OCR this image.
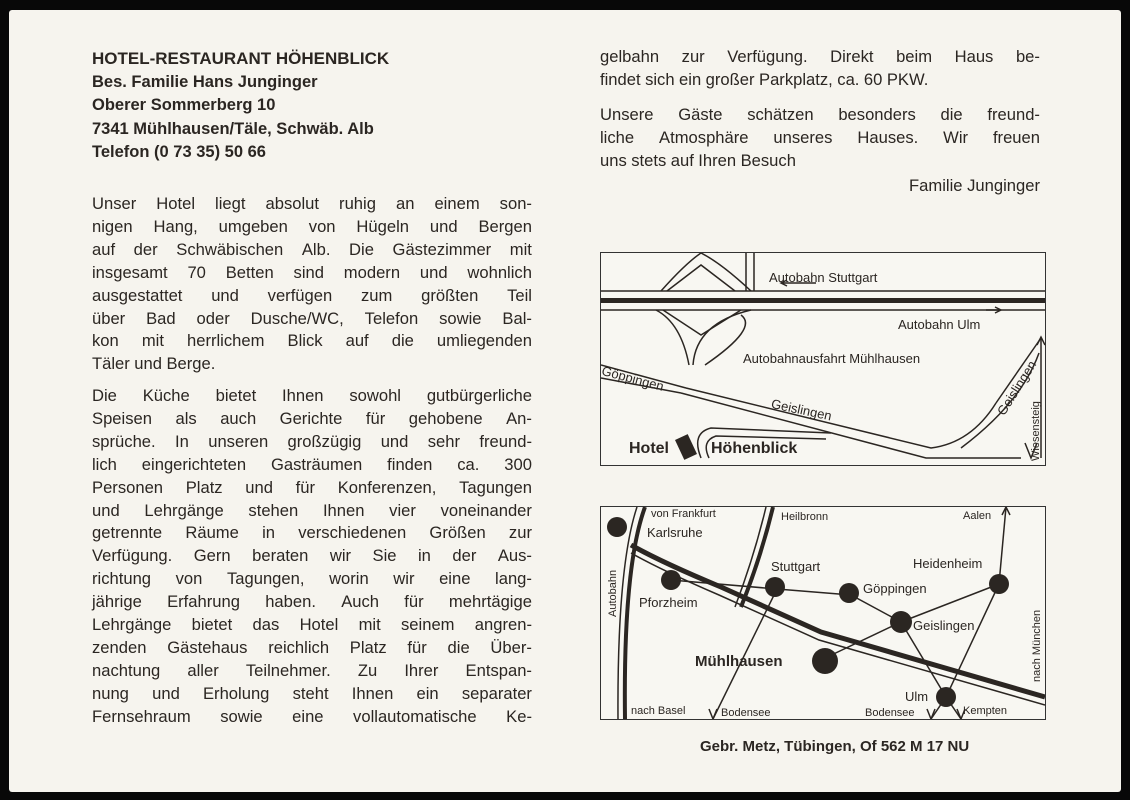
HOTEL-RESTAURANT HÖHENBLICK
Bes. Familie Hans Junginger
Oberer Sommerberg 10
7341 Mühlhausen/Täle, Schwäb. Alb
Telefon (0 73 35) 50 66
Unser Hotel liegt absolut ruhig an einem son-
nigen Hang, umgeben von Hügeln und Bergen
auf der Schwäbischen Alb. Die Gästezimmer mit
insgesamt 70 Betten sind modern und wohnlich
ausgestattet und verfügen zum größten Teil
über Bad oder Dusche/WC, Telefon sowie Bal-
kon mit herrlichem Blick auf die umliegenden
Täler und Berge.
Die Küche bietet Ihnen sowohl gutbürgerliche
Speisen als auch Gerichte für gehobene An-
sprüche. In unseren großzügig und sehr freund-
lich eingerichteten Gasträumen finden ca. 300
Personen Platz und für Konferenzen, Tagungen
und Lehrgänge stehen Ihnen vier voneinander
getrennte Räume in verschiedenen Größen zur
Verfügung. Gern beraten wir Sie in der Aus-
richtung von Tagungen, worin wir eine lang-
jährige Erfahrung haben. Auch für mehrtägige
Lehrgänge bietet das Hotel mit seinem angren-
zenden Gästehaus reichlich Platz für die Über-
nachtung aller Teilnehmer. Zu Ihrer Entspan-
nung und Erholung steht Ihnen ein separater
Fernsehraum sowie eine vollautomatische Ke-
gelbahn zur Verfügung. Direkt beim Haus be-
findet sich ein großer Parkplatz, ca. 60 PKW.
Unsere Gäste schätzen besonders die freund-
liche Atmosphäre unseres Hauses. Wir freuen
uns stets auf Ihren Besuch
Familie Junginger
Autobahn Stuttgart
Autobahn Ulm
Autobahnausfahrt Mühlhausen
Göppingen
Geislingen	Geislingen
Wiesensteig
Hotel	Höhenblick
von Frankfurt	Heilbronn	Aalen
Karlsruhe
Stuttgart	Heidenheim
Göppingen
Autobahn Pforzheim
Geislingen	nach München
Mühlhausen
Ulm
nach Basel	Bodensee	Bodensee	Kempten
Gebr. Metz, Tübingen, Of 562 M 17 NU
